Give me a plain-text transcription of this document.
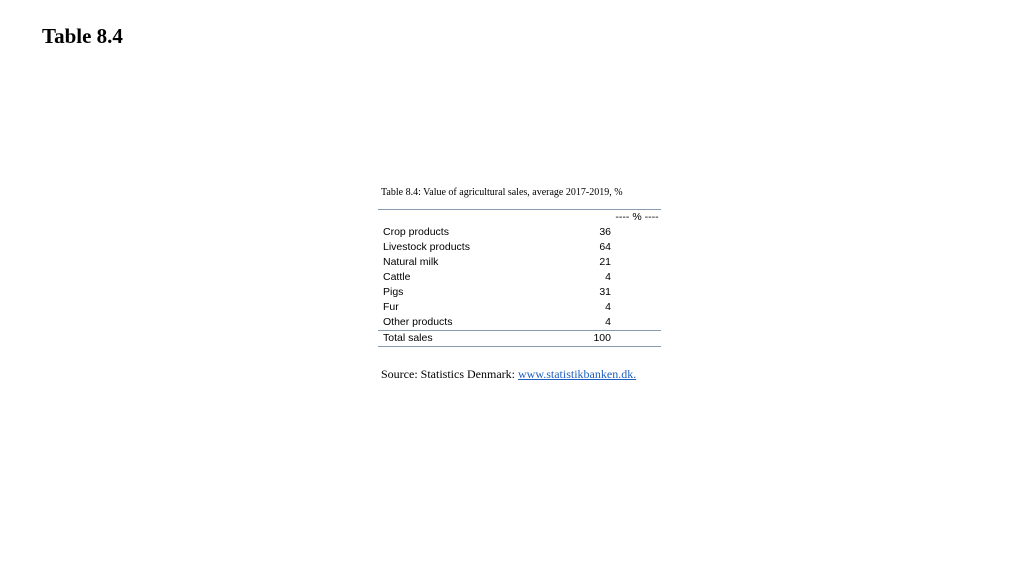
Table 8.4
Table 8.4: Value of agricultural sales, average 2017-2019, %
	---- % ----
Crop products	36
Livestock products	64
Natural milk	21
Cattle	4
Pigs	31
Fur	4
Other products	4
Total sales	100
Source: Statistics Denmark: www.statistikbanken.dk.
